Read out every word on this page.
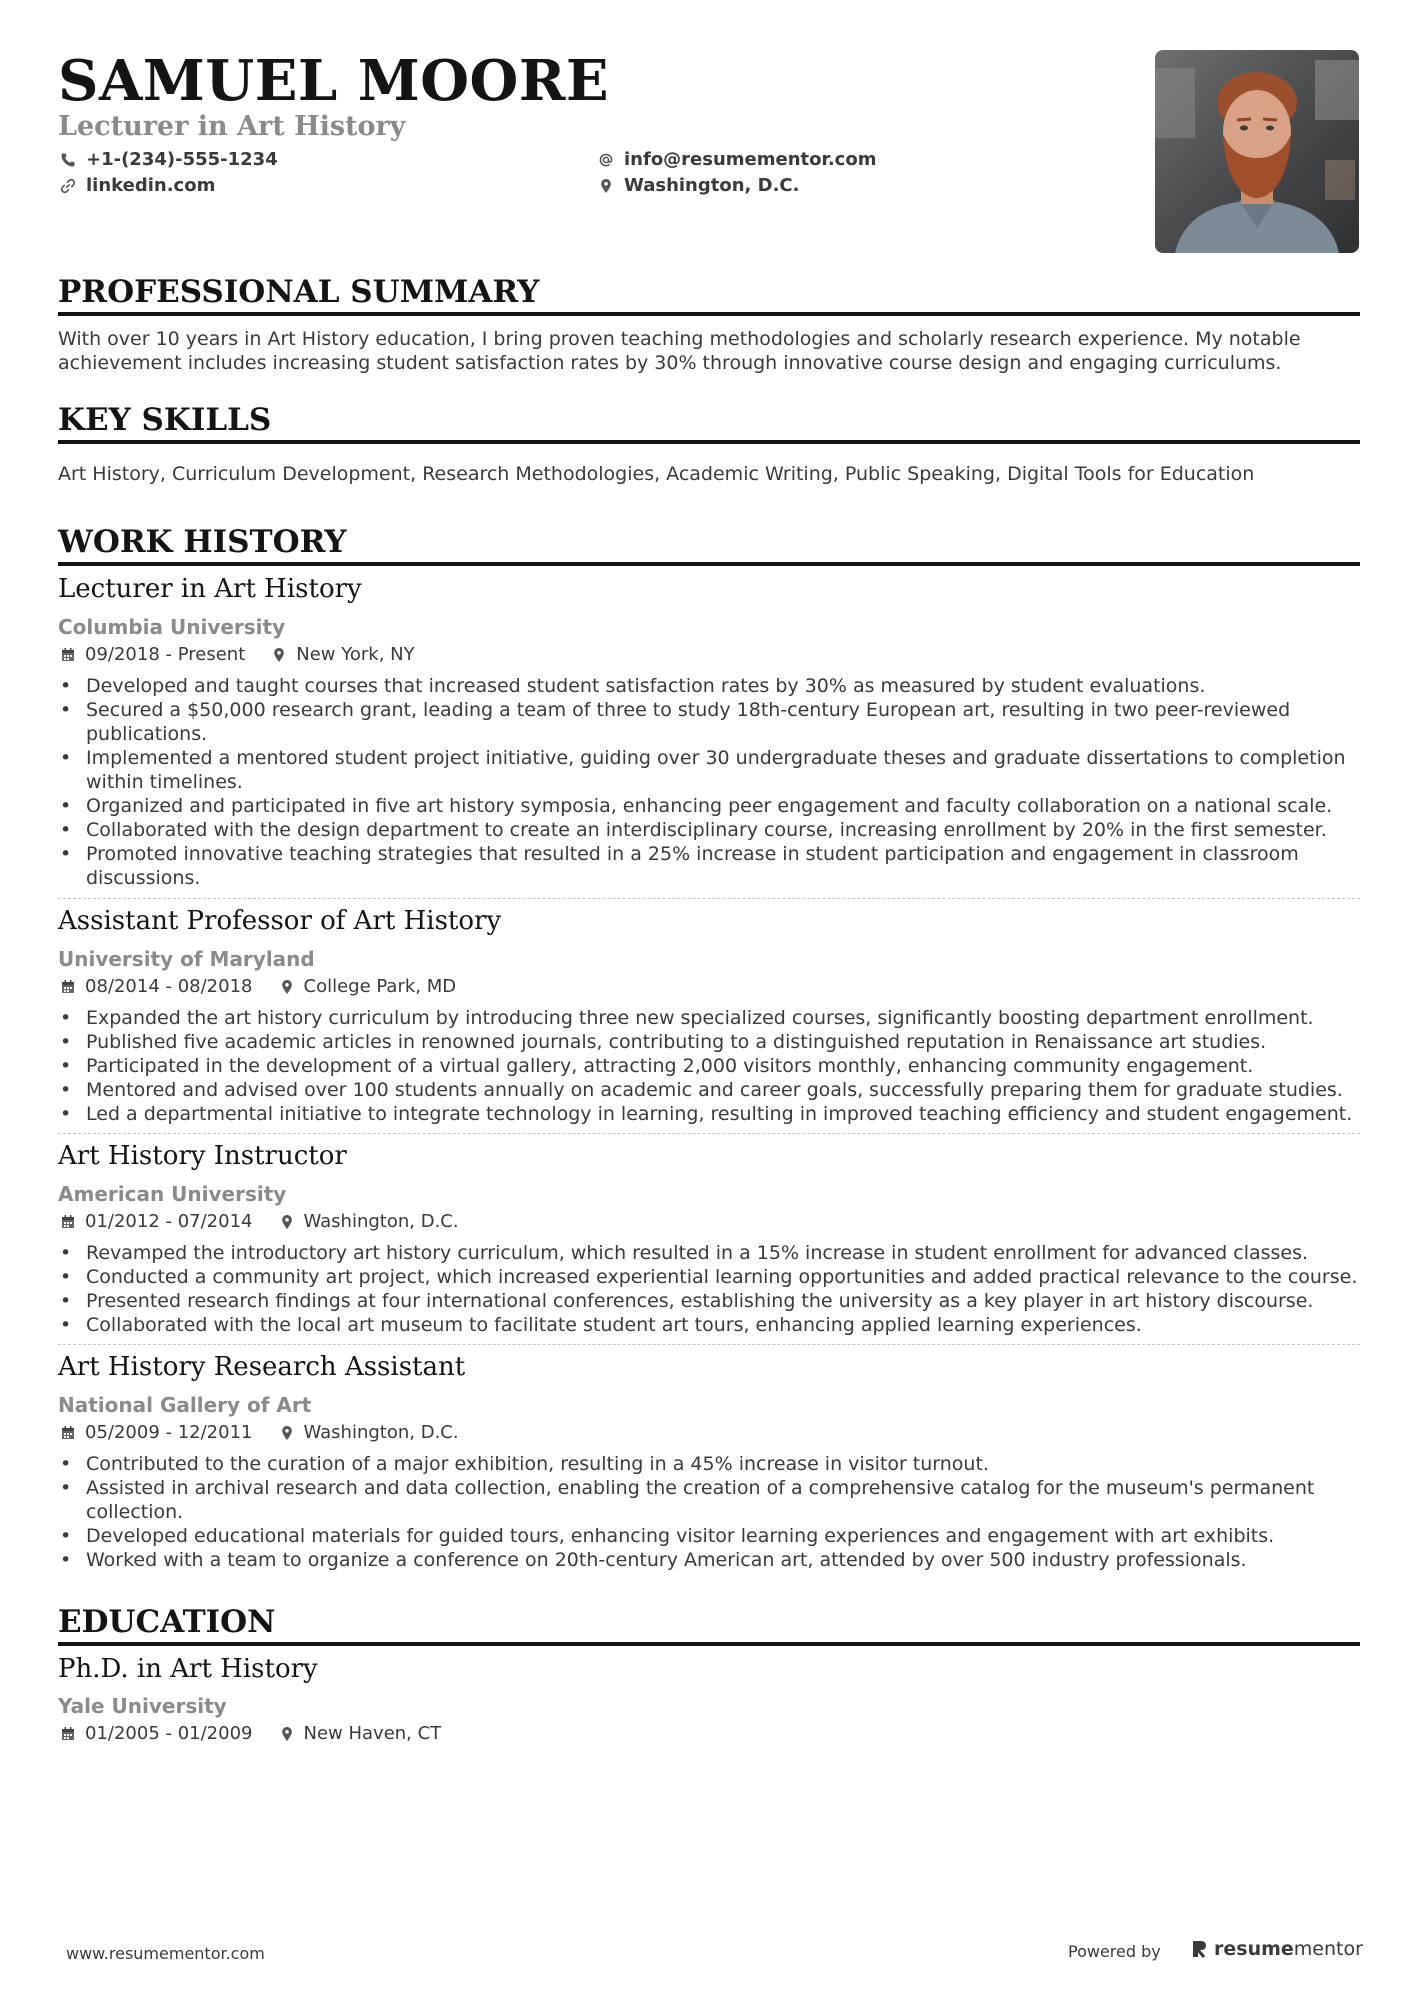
SAMUEL MOORE
Lecturer in Art History
+1-(234)-555-1234
linkedin.com
info@resumementor.com
Washington, D.C.
PROFESSIONAL SUMMARY
With over 10 years in Art History education, I bring proven teaching methodologies and scholarly research experience. My notable achievement includes increasing student satisfaction rates by 30% through innovative course design and engaging curriculums.
KEY SKILLS
Art History, Curriculum Development, Research Methodologies, Academic Writing, Public Speaking, Digital Tools for Education
WORK HISTORY
Lecturer in Art History
Columbia University
09/2018 - Present	New York, NY
• Developed and taught courses that increased student satisfaction rates by 30% as measured by student evaluations.
• Secured a $50,000 research grant, leading a team of three to study 18th-century European art, resulting in two peer-reviewed publications.
• Implemented a mentored student project initiative, guiding over 30 undergraduate theses and graduate dissertations to completion within timelines.
• Organized and participated in five art history symposia, enhancing peer engagement and faculty collaboration on a national scale.
• Collaborated with the design department to create an interdisciplinary course, increasing enrollment by 20% in the first semester.
• Promoted innovative teaching strategies that resulted in a 25% increase in student participation and engagement in classroom discussions.
Assistant Professor of Art History
University of Maryland
08/2014 - 08/2018	College Park, MD
• Expanded the art history curriculum by introducing three new specialized courses, significantly boosting department enrollment.
• Published five academic articles in renowned journals, contributing to a distinguished reputation in Renaissance art studies.
• Participated in the development of a virtual gallery, attracting 2,000 visitors monthly, enhancing community engagement.
• Mentored and advised over 100 students annually on academic and career goals, successfully preparing them for graduate studies.
• Led a departmental initiative to integrate technology in learning, resulting in improved teaching efficiency and student engagement.
Art History Instructor
American University
01/2012 - 07/2014	Washington, D.C.
• Revamped the introductory art history curriculum, which resulted in a 15% increase in student enrollment for advanced classes.
• Conducted a community art project, which increased experiential learning opportunities and added practical relevance to the course.
• Presented research findings at four international conferences, establishing the university as a key player in art history discourse.
• Collaborated with the local art museum to facilitate student art tours, enhancing applied learning experiences.
Art History Research Assistant
National Gallery of Art
05/2009 - 12/2011	Washington, D.C.
• Contributed to the curation of a major exhibition, resulting in a 45% increase in visitor turnout.
• Assisted in archival research and data collection, enabling the creation of a comprehensive catalog for the museum's permanent collection.
• Developed educational materials for guided tours, enhancing visitor learning experiences and engagement with art exhibits.
• Worked with a team to organize a conference on 20th-century American art, attended by over 500 industry professionals.
EDUCATION
Ph.D. in Art History
Yale University
01/2005 - 01/2009	New Haven, CT
www.resumementor.com	Powered by	resume mentor
